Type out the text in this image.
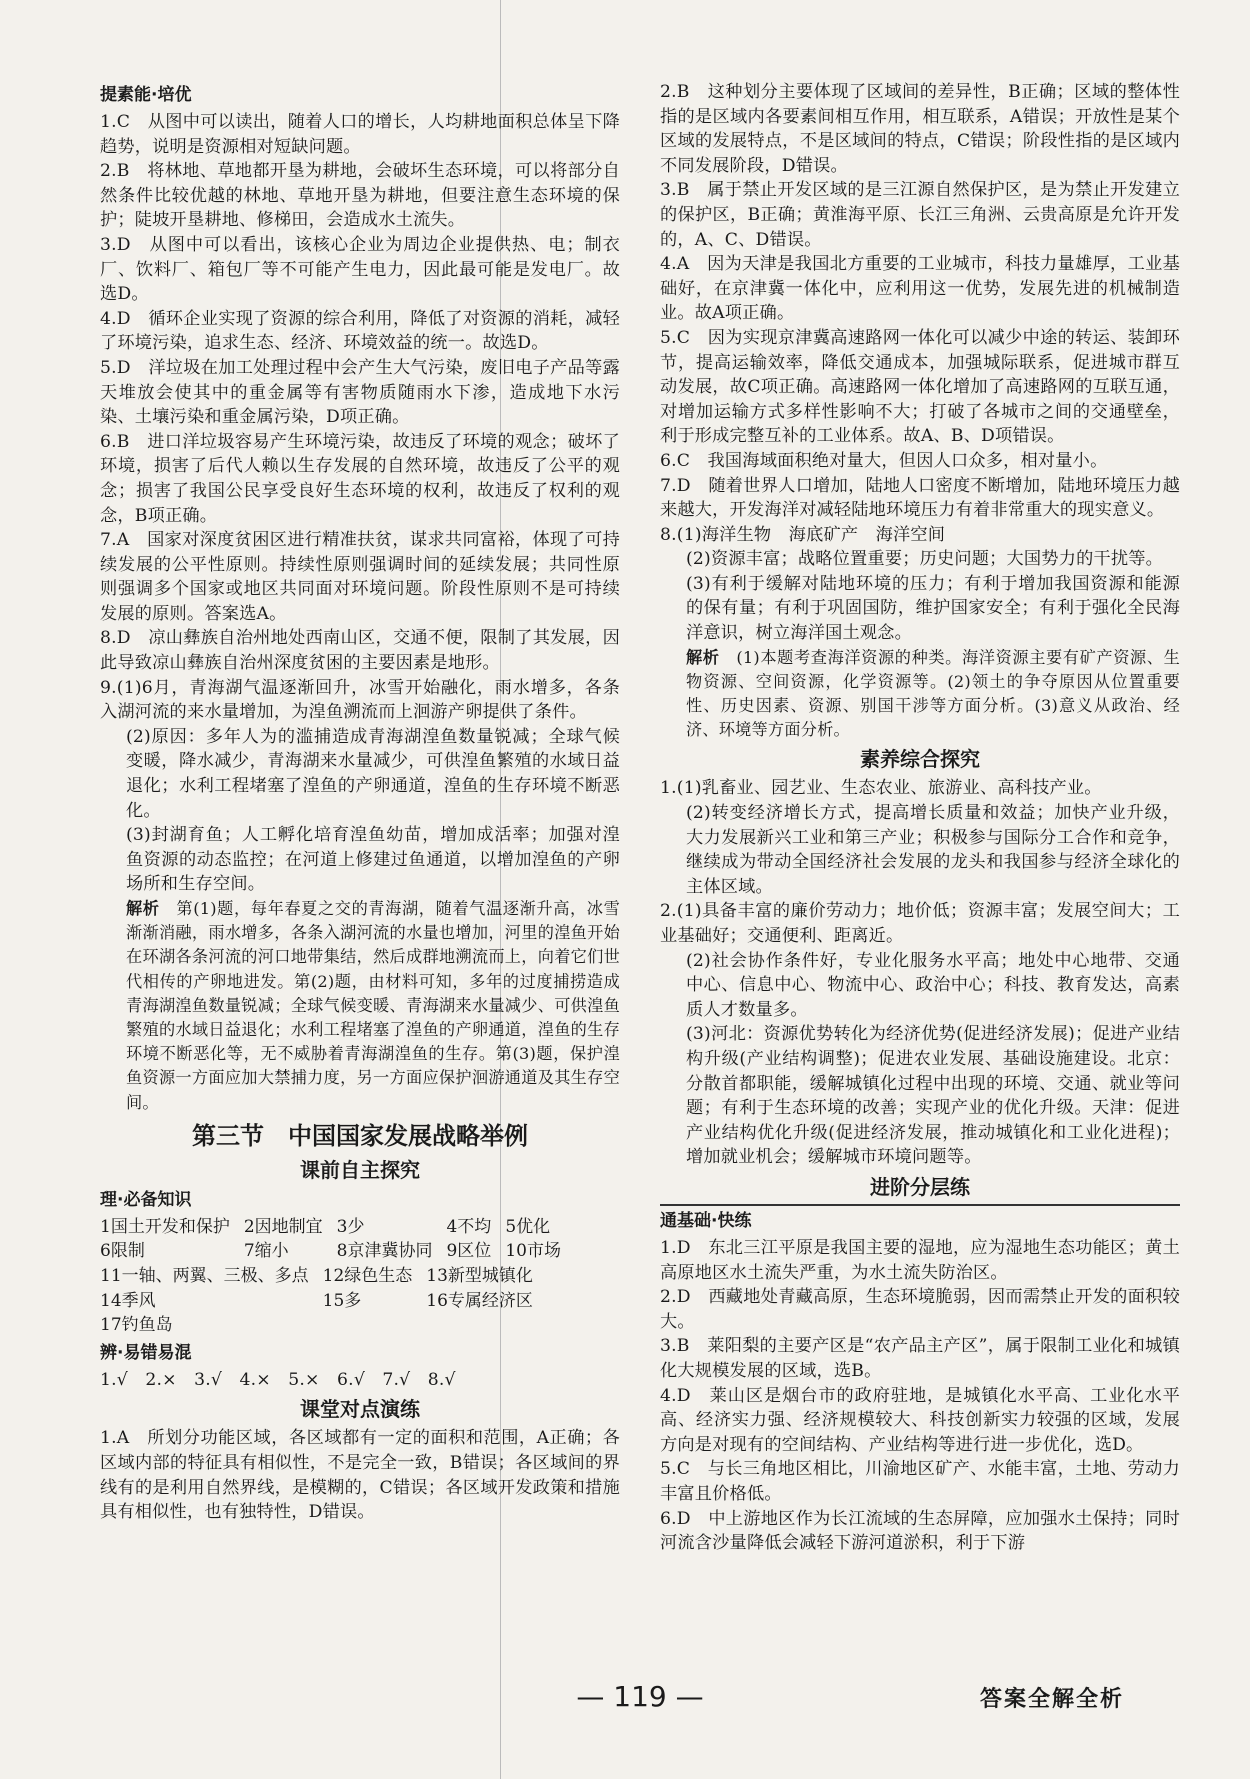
提素能·培优

1.C　从图中可以读出，随着人口的增长，人均耕地面积总体呈下降趋势，说明是资源相对短缺问题。

2.B　将林地、草地都开垦为耕地，会破坏生态环境，可以将部分自然条件比较优越的林地、草地开垦为耕地，但要注意生态环境的保护；陡坡开垦耕地、修梯田，会造成水土流失。

3.D　从图中可以看出，该核心企业为周边企业提供热、电；制衣厂、饮料厂、箱包厂等不可能产生电力，因此最可能是发电厂。故选D。

4.D　循环企业实现了资源的综合利用，降低了对资源的消耗，减轻了环境污染，追求生态、经济、环境效益的统一。故选D。

5.D　洋垃圾在加工处理过程中会产生大气污染，废旧电子产品等露天堆放会使其中的重金属等有害物质随雨水下渗，造成地下水污染、土壤污染和重金属污染，D项正确。

6.B　进口洋垃圾容易产生环境污染，故违反了环境的观念；破坏了环境，损害了后代人赖以生存发展的自然环境，故违反了公平的观念；损害了我国公民享受良好生态环境的权利，故违反了权利的观念，B项正确。

7.A　国家对深度贫困区进行精准扶贫，谋求共同富裕，体现了可持续发展的公平性原则。持续性原则强调时间的延续发展；共同性原则强调多个国家或地区共同面对环境问题。阶段性原则不是可持续发展的原则。答案选A。

8.D　凉山彝族自治州地处西南山区，交通不便，限制了其发展，因此导致凉山彝族自治州深度贫困的主要因素是地形。

9.(1)6月，青海湖气温逐渐回升，冰雪开始融化，雨水增多，各条入湖河流的来水量增加，为湟鱼溯流而上洄游产卵提供了条件。

(2)原因：多年人为的滥捕造成青海湖湟鱼数量锐减；全球气候变暖，降水减少，青海湖来水量减少，可供湟鱼繁殖的水域日益退化；水利工程堵塞了湟鱼的产卵通道，湟鱼的生存环境不断恶化。

(3)封湖育鱼；人工孵化培育湟鱼幼苗，增加成活率；加强对湟鱼资源的动态监控；在河道上修建过鱼通道，以增加湟鱼的产卵场所和生存空间。

解析　第(1)题，每年春夏之交的青海湖，随着气温逐渐升高，冰雪渐渐消融，雨水增多，各条入湖河流的水量也增加，河里的湟鱼开始在环湖各条河流的河口地带集结，然后成群地溯流而上，向着它们世代相传的产卵地进发。第(2)题，由材料可知，多年的过度捕捞造成青海湖湟鱼数量锐减；全球气候变暖、青海湖来水量减少、可供湟鱼繁殖的水域日益退化；水利工程堵塞了湟鱼的产卵通道，湟鱼的生存环境不断恶化等，无不威胁着青海湖湟鱼的生存。第(3)题，保护湟鱼资源一方面应加大禁捕力度，另一方面应保护洄游通道及其生存空间。

第三节　中国国家发展战略举例
课前自主探究
理·必备知识
1国土开发和保护 2因地制宜 3少	4不均 5优化
6限制	7缩小	8京津冀协同 9区位 10市场
11一轴、两翼、三极、多点 12绿色生态 13新型城镇化
14季风	15多	16专属经济区
17钓鱼岛
辨·易错易混

1.√　2.×　3.√　4.×　5.×　6.√　7.√　8.√

课堂对点演练

1.A　所划分功能区域，各区域都有一定的面积和范围，A正确；各区域内部的特征具有相似性，不是完全一致，B错误；各区域间的界线有的是利用自然界线，是模糊的，C错误；各区域开发政策和措施具有相似性，也有独特性，D错误。

2.B　这种划分主要体现了区域间的差异性，B正确；区域的整体性指的是区域内各要素间相互作用，相互联系，A错误；开放性是某个区域的发展特点，不是区域间的特点，C错误；阶段性指的是区域内不同发展阶段，D错误。

3.B　属于禁止开发区域的是三江源自然保护区，是为禁止开发建立的保护区，B正确；黄淮海平原、长江三角洲、云贵高原是允许开发的，A、C、D错误。

4.A　因为天津是我国北方重要的工业城市，科技力量雄厚，工业基础好，在京津冀一体化中，应利用这一优势，发展先进的机械制造业。故A项正确。

5.C　因为实现京津冀高速路网一体化可以减少中途的转运、装卸环节，提高运输效率，降低交通成本，加强城际联系，促进城市群互动发展，故C项正确。高速路网一体化增加了高速路网的互联互通，对增加运输方式多样性影响不大；打破了各城市之间的交通壁垒，利于形成完整互补的工业体系。故A、B、D项错误。

6.C　我国海域面积绝对量大，但因人口众多，相对量小。

7.D　随着世界人口增加，陆地人口密度不断增加，陆地环境压力越来越大，开发海洋对减轻陆地环境压力有着非常重大的现实意义。

8.(1)海洋生物　海底矿产　海洋空间

(2)资源丰富；战略位置重要；历史问题；大国势力的干扰等。

(3)有利于缓解对陆地环境的压力；有利于增加我国资源和能源的保有量；有利于巩固国防，维护国家安全；有利于强化全民海洋意识，树立海洋国土观念。

解析　(1)本题考查海洋资源的种类。海洋资源主要有矿产资源、生物资源、空间资源，化学资源等。(2)领土的争夺原因从位置重要性、历史因素、资源、别国干涉等方面分析。(3)意义从政治、经济、环境等方面分析。

素养综合探究

1.(1)乳畜业、园艺业、生态农业、旅游业、高科技产业。

(2)转变经济增长方式，提高增长质量和效益；加快产业升级，大力发展新兴工业和第三产业；积极参与国际分工合作和竞争，继续成为带动全国经济社会发展的龙头和我国参与经济全球化的主体区域。

2.(1)具备丰富的廉价劳动力；地价低；资源丰富；发展空间大；工业基础好；交通便利、距离近。

(2)社会协作条件好，专业化服务水平高；地处中心地带、交通中心、信息中心、物流中心、政治中心；科技、教育发达，高素质人才数量多。

(3)河北：资源优势转化为经济优势(促进经济发展)；促进产业结构升级(产业结构调整)；促进农业发展、基础设施建设。北京：分散首都职能，缓解城镇化过程中出现的环境、交通、就业等问题；有利于生态环境的改善；实现产业的优化升级。天津：促进产业结构优化升级(促进经济发展，推动城镇化和工业化进程)；增加就业机会；缓解城市环境问题等。

进阶分层练
通基础·快练

1.D　东北三江平原是我国主要的湿地，应为湿地生态功能区；黄土高原地区水土流失严重，为水土流失防治区。

2.D　西藏地处青藏高原，生态环境脆弱，因而需禁止开发的面积较大。

3.B　莱阳梨的主要产区是“农产品主产区”，属于限制工业化和城镇化大规模发展的区域，选B。

4.D　莱山区是烟台市的政府驻地，是城镇化水平高、工业化水平高、经济实力强、经济规模较大、科技创新实力较强的区域，发展方向是对现有的空间结构、产业结构等进行进一步优化，选D。

5.C　与长三角地区相比，川渝地区矿产、水能丰富，土地、劳动力丰富且价格低。

6.D　中上游地区作为长江流域的生态屏障，应加强水土保持；同时河流含沙量降低会减轻下游河道淤积，利于下游

— 119 —	答案全解全析
